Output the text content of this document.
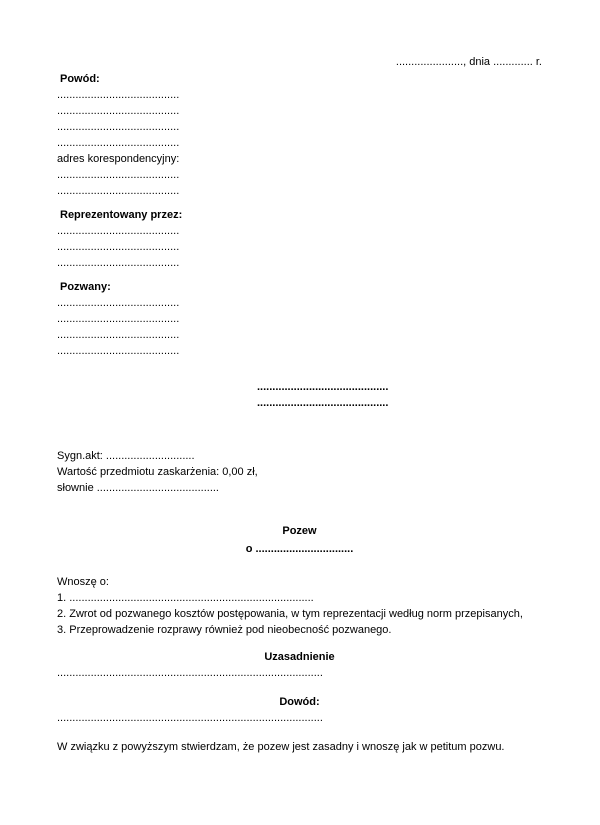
......................, dnia ............. r.
Powód:
........................................
........................................
........................................
........................................
adres korespondencyjny:
........................................
........................................
Reprezentowany przez:
........................................
........................................
........................................
Pozwany:
........................................
........................................
........................................
........................................
...........................................
...........................................
Sygn.akt: .............................
Wartość przedmiotu zaskarżenia: 0,00 zł,
słownie ........................................
Pozew
o ................................
Wnoszę o:
1. ................................................................................
2. Zwrot od pozwanego kosztów postępowania, w tym reprezentacji według norm przepisanych,
3. Przeprowadzenie rozprawy również pod nieobecność pozwanego.
Uzasadnienie
.......................................................................................
Dowód:
.......................................................................................
W związku z powyższym stwierdzam, że pozew jest zasadny i wnoszę jak w petitum pozwu.
